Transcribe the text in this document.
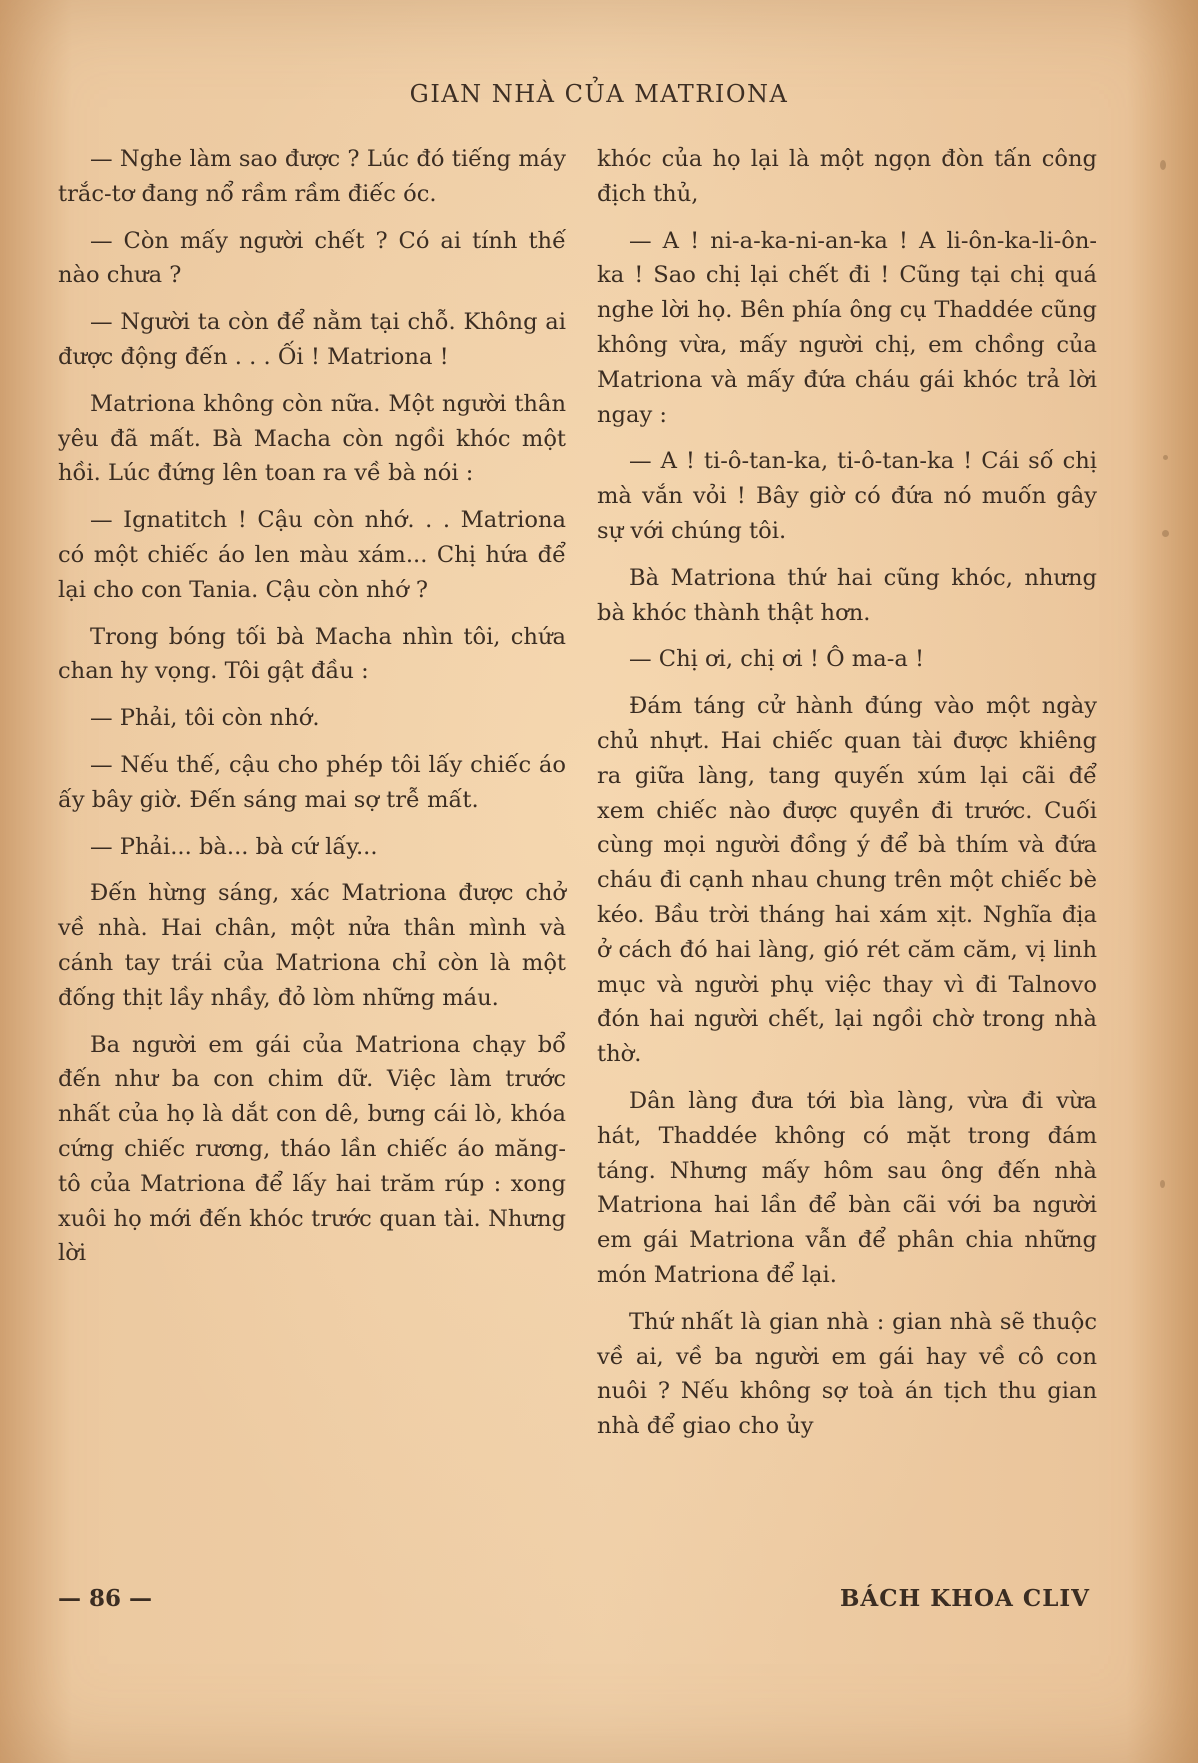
GIAN NHÀ CỦA MATRIONA

— Nghe làm sao được ? Lúc đó tiếng máy trắc-tơ đang nổ rầm rầm điếc óc.

— Còn mấy người chết ? Có ai tính thế nào chưa ?

— Người ta còn để nằm tại chỗ. Không ai được động đến . . . Ối ! Matriona !

Matriona không còn nữa. Một người thân yêu đã mất. Bà Macha còn ngồi khóc một hồi. Lúc đứng lên toan ra về bà nói :

— Ignatitch ! Cậu còn nhớ. . . Matriona có một chiếc áo len màu xám... Chị hứa để lại cho con Tania. Cậu còn nhớ ?

Trong bóng tối bà Macha nhìn tôi, chứa chan hy vọng. Tôi gật đầu :

— Phải, tôi còn nhớ.

— Nếu thế, cậu cho phép tôi lấy chiếc áo ấy bây giờ. Đến sáng mai sợ trễ mất.

— Phải... bà... bà cứ lấy...

Đến hừng sáng, xác Matriona được chở về nhà. Hai chân, một nửa thân mình và cánh tay trái của Matriona chỉ còn là một đống thịt lầy nhầy, đỏ lòm những máu.

Ba người em gái của Matriona chạy bổ đến như ba con chim dữ. Việc làm trước nhất của họ là dắt con dê, bưng cái lò, khóa cứng chiếc rương, tháo lần chiếc áo măng-tô của Matriona để lấy hai trăm rúp : xong xuôi họ mới đến khóc trước quan tài. Nhưng lời

khóc của họ lại là một ngọn đòn tấn công địch thủ,

— A ! ni-a-ka-ni-an-ka ! A li-ôn-ka-li-ôn-ka ! Sao chị lại chết đi ! Cũng tại chị quá nghe lời họ. Bên phía ông cụ Thaddée cũng không vừa, mấy người chị, em chồng của Matriona và mấy đứa cháu gái khóc trả lời ngay :

— A ! ti-ô-tan-ka, ti-ô-tan-ka ! Cái số chị mà vắn vỏi ! Bây giờ có đứa nó muốn gây sự với chúng tôi.

Bà Matriona thứ hai cũng khóc, nhưng bà khóc thành thật hơn.

— Chị ơi, chị ơi ! Ô ma-a !

Đám táng cử hành đúng vào một ngày chủ nhựt. Hai chiếc quan tài được khiêng ra giữa làng, tang quyến xúm lại cãi để xem chiếc nào được quyền đi trước. Cuối cùng mọi người đồng ý để bà thím và đứa cháu đi cạnh nhau chung trên một chiếc bè kéo. Bầu trời tháng hai xám xịt. Nghĩa địa ở cách đó hai làng, gió rét căm căm, vị linh mục và người phụ việc thay vì đi Talnovo đón hai người chết, lại ngồi chờ trong nhà thờ.

Dân làng đưa tới bìa làng, vừa đi vừa hát, Thaddée không có mặt trong đám táng. Nhưng mấy hôm sau ông đến nhà Matriona hai lần để bàn cãi với ba người em gái Matriona vẫn để phân chia những món Matriona để lại.

Thứ nhất là gian nhà : gian nhà sẽ thuộc về ai, về ba người em gái hay về cô con nuôi ? Nếu không sợ toà án tịch thu gian nhà để giao cho ủy

— 86 —	BÁCH KHOA CLIV
